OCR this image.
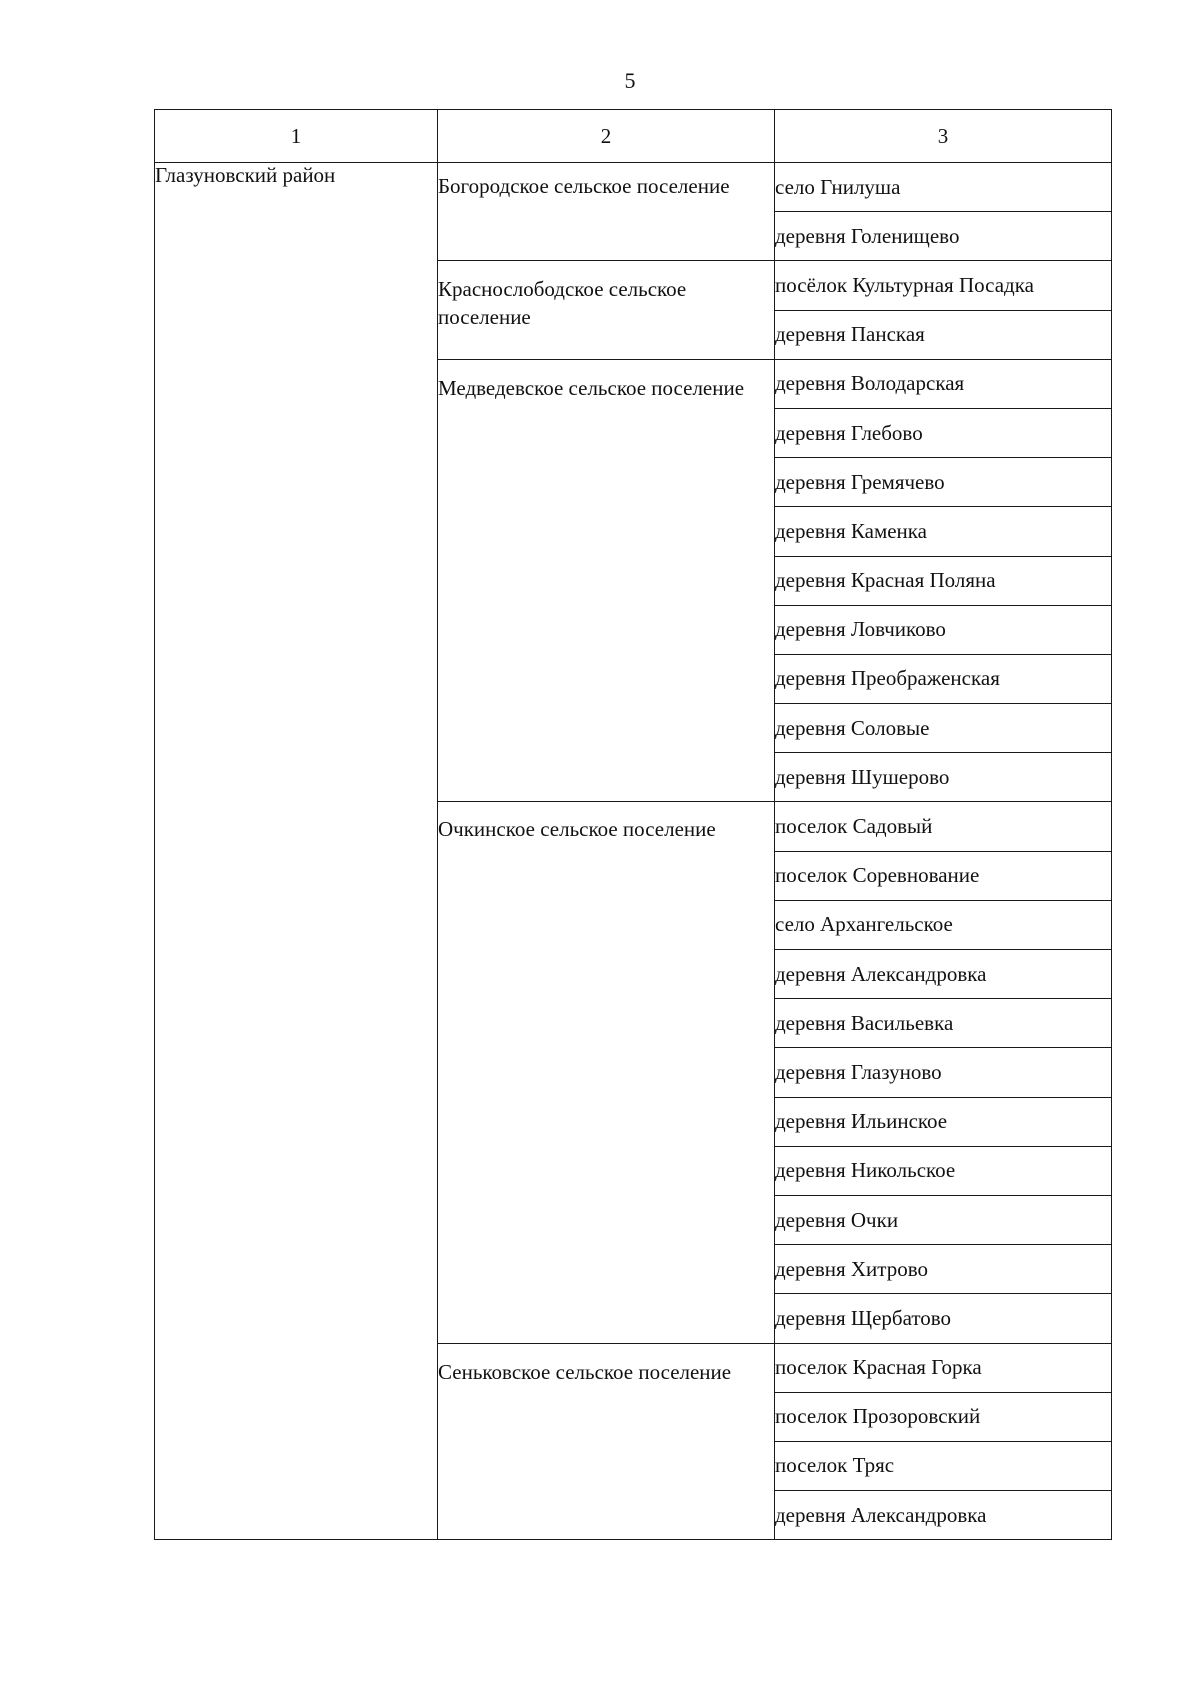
5
1	2	3
Глазуновский район	Богородское сельское поселение	село Гнилуша
		деревня Голенищево
	Краснослободское сельское поселение	посёлок Культурная Посадка
		деревня Панская
	Медведевское сельское поселение	деревня Володарская
		деревня Глебово
		деревня Гремячево
		деревня Каменка
		деревня Красная Поляна
		деревня Ловчиково
		деревня Преображенская
		деревня Соловые
		деревня Шушерово
	Очкинское сельское поселение	поселок Садовый
		поселок Соревнование
		село Архангельское
		деревня Александровка
		деревня Васильевка
		деревня Глазуново
		деревня Ильинское
		деревня Никольское
		деревня Очки
		деревня Хитрово
		деревня Щербатово
	Сеньковское сельское поселение	поселок Красная Горка
		поселок Прозоровский
		поселок Тряс
		деревня Александровка
